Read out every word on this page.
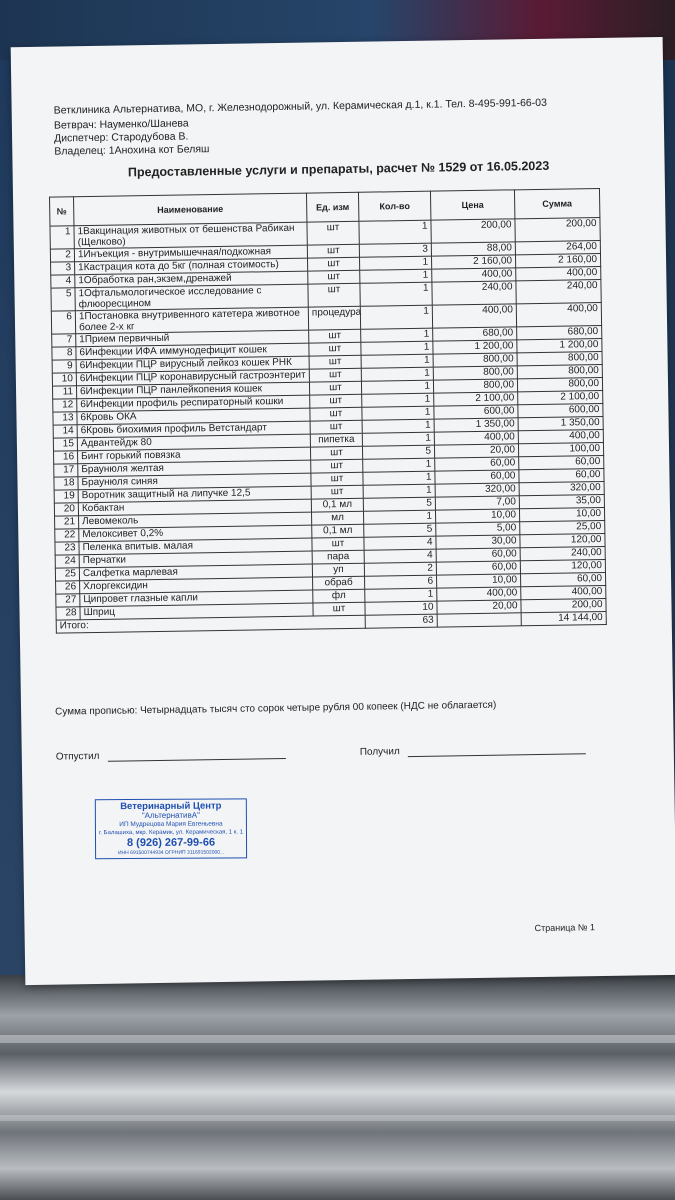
Ветклиника Альтернатива, МО, г. Железнодорожный, ул. Керамическая д.1, к.1. Тел. 8-495-991-66-03
Ветврач: Науменко/Шанева
Диспетчер: Стародубова В.
Владелец: 1Анохина кот Беляш
Предоставленные услуги и препараты, расчет № 1529 от 16.05.2023
№	Наименование	Ед. изм	Кол-во	Цена	Сумма
1	1Вакцинация животных от бешенства Рабикан (Щелково)	шт	1	200,00	200,00
2	1Инъекция - внутримышечная/подкожная	шт	3	88,00	264,00
3	1Кастрация кота до 5кг (полная стоимость)	шт	1	2 160,00	2 160,00
4	1Обработка ран,экзем,дренажей	шт	1	400,00	400,00
5	1Офтальмологическое исследование с флюоресцином	шт	1	240,00	240,00
6	1Постановка внутривенного катетера животное более 2-х кг	процедура	1	400,00	400,00
7	1Прием первичный	шт	1	680,00	680,00
8	6Инфекции ИФА иммунодефицит кошек	шт	1	1 200,00	1 200,00
9	6Инфекции ПЦР вирусный лейкоз кошек РНК	шт	1	800,00	800,00
10	6Инфекции ПЦР коронавирусный гастроэнтерит	шт	1	800,00	800,00
11	6Инфекции ПЦР панлейкопения кошек	шт	1	800,00	800,00
12	6Инфекции профиль респираторный кошки	шт	1	2 100,00	2 100,00
13	6Кровь ОКА	шт	1	600,00	600,00
14	6Кровь биохимия профиль Ветстандарт	шт	1	1 350,00	1 350,00
15	Адвантейдж 80	пипетка	1	400,00	400,00
16	Бинт горький повязка	шт	5	20,00	100,00
17	Браунюля желтая	шт	1	60,00	60,00
18	Браунюля синяя	шт	1	60,00	60,00
19	Воротник защитный на липучке 12,5	шт	1	320,00	320,00
20	Кобактан	0,1 мл	5	7,00	35,00
21	Левомеколь	мл	1	10,00	10,00
22	Мелоксивет 0,2%	0,1 мл	5	5,00	25,00
23	Пеленка впитыв. малая	шт	4	30,00	120,00
24	Перчатки	пара	4	60,00	240,00
25	Салфетка марлевая	уп	2	60,00	120,00
26	Хлоргексидин	обраб	6	10,00	60,00
27	Ципровет глазные капли	фл	1	400,00	400,00
28	Шприц	шт	10	20,00	200,00
Итого:			63		14 144,00
Сумма прописью: Четырнадцать тысяч сто сорок четыре рубля 00 копеек (НДС не облагается)
Отпустил	Получил
Ветеринарный Центр
"АльтернативА"
ИП Мудрецова Мария Евгеньевна
г. Балашиха, мкр. Керамик, ул. Керамическая, 1 к. 1
8 (926) 267-99-66
ИНН 691500744934 ОГРНИП 311691502000...
Страница № 1
